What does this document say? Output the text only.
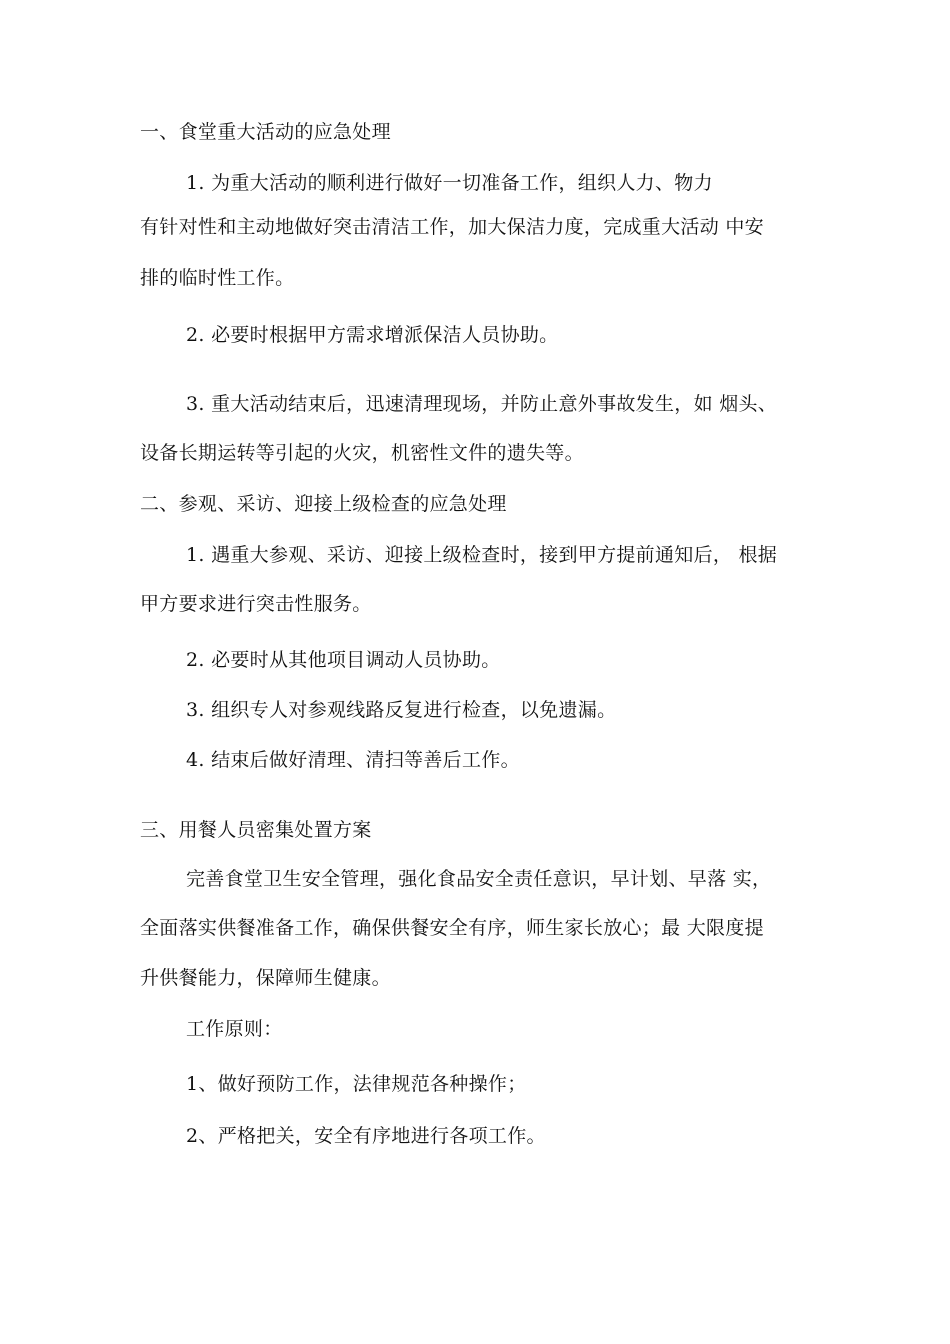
一、食堂重大活动的应急处理
1. 为重大活动的顺利进行做好一切准备工作，组织人力、物力
有针对性和主动地做好突击清洁工作，加大保洁力度，完成重大活动 中安
排的临时性工作。
2. 必要时根据甲方需求增派保洁人员协助。
3. 重大活动结束后，迅速清理现场，并防止意外事故发生，如 烟头、
设备长期运转等引起的火灾，机密性文件的遗失等。
二、参观、采访、迎接上级检查的应急处理
1. 遇重大参观、采访、迎接上级检查时，接到甲方提前通知后， 根据
甲方要求进行突击性服务。
2. 必要时从其他项目调动人员协助。
3. 组织专人对参观线路反复进行检查，以免遗漏。
4. 结束后做好清理、清扫等善后工作。
三、用餐人员密集处置方案
完善食堂卫生安全管理，强化食品安全责任意识，早计划、早落 实，
全面落实供餐准备工作，确保供餐安全有序，师生家长放心；最 大限度提
升供餐能力，保障师生健康。
工作原则：
1、做好预防工作，法律规范各种操作；
2、严格把关，安全有序地进行各项工作。
